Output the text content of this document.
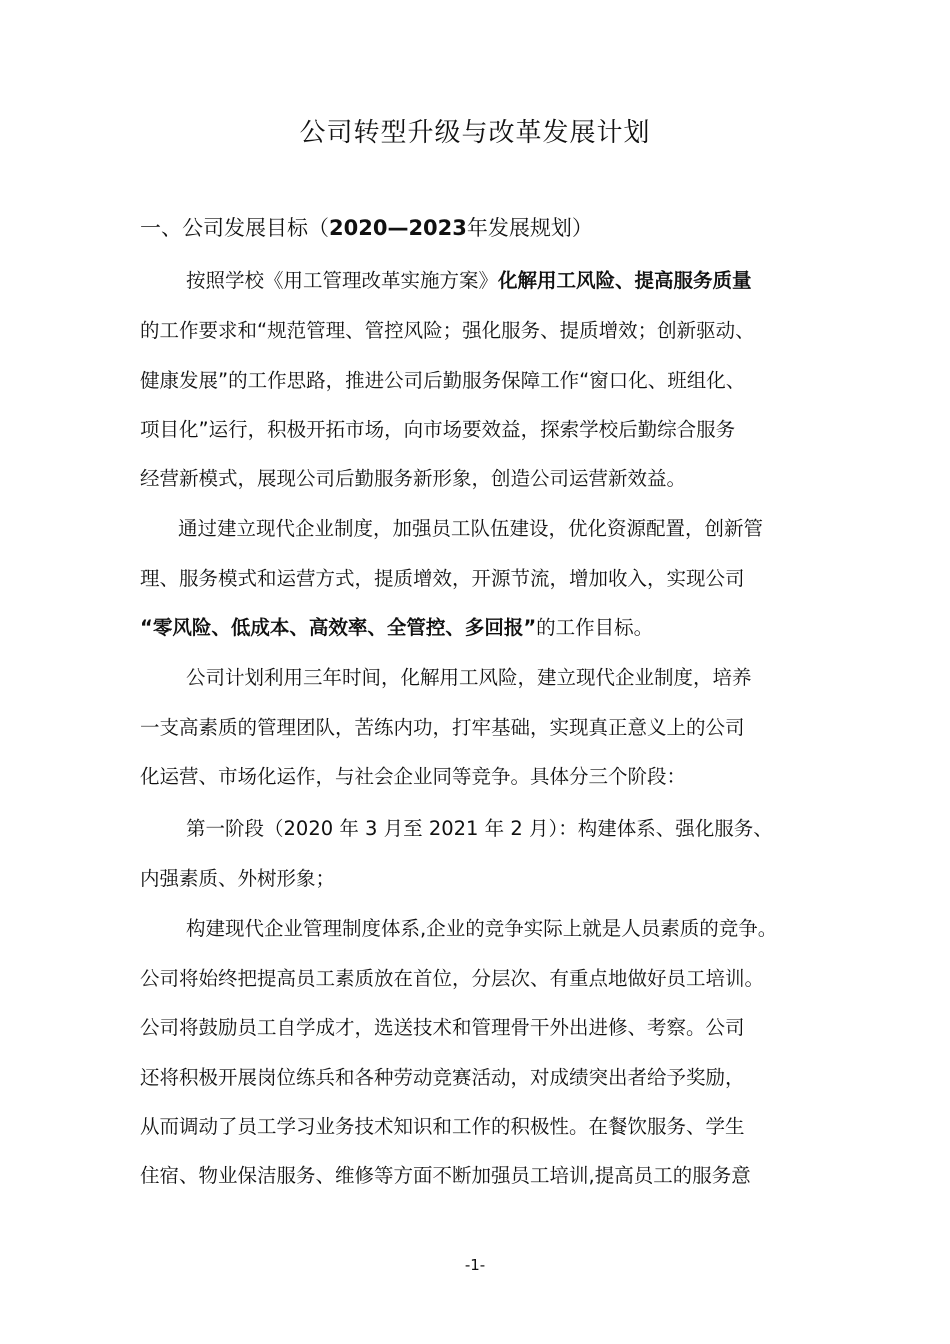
公司转型升级与改革发展计划

一、公司发展目标（2020—2023年发展规划）

按照学校《用工管理改革实施方案》化解用工风险、提高服务质量

的工作要求和“规范管理、管控风险；强化服务、提质增效；创新驱动、

健康发展”的工作思路，推进公司后勤服务保障工作“窗口化、班组化、

项目化”运行，积极开拓市场，向市场要效益，探索学校后勤综合服务

经营新模式，展现公司后勤服务新形象，创造公司运营新效益。

通过建立现代企业制度，加强员工队伍建设，优化资源配置，创新管

理、服务模式和运营方式，提质增效，开源节流，增加收入，实现公司

“零风险、低成本、高效率、全管控、多回报”的工作目标。

公司计划利用三年时间，化解用工风险，建立现代企业制度，培养

一支高素质的管理团队，苦练内功，打牢基础，实现真正意义上的公司

化运营、市场化运作，与社会企业同等竞争。具体分三个阶段：

第一阶段（2020 年 3 月至 2021 年 2 月）：构建体系、强化服务、

内强素质、外树形象；

构建现代企业管理制度体系,企业的竞争实际上就是人员素质的竞争。

公司将始终把提高员工素质放在首位，分层次、有重点地做好员工培训。

公司将鼓励员工自学成才，选送技术和管理骨干外出进修、考察。公司

还将积极开展岗位练兵和各种劳动竞赛活动，对成绩突出者给予奖励，

从而调动了员工学习业务技术知识和工作的积极性。在餐饮服务、学生

住宿、物业保洁服务、维修等方面不断加强员工培训,提高员工的服务意

-1-
